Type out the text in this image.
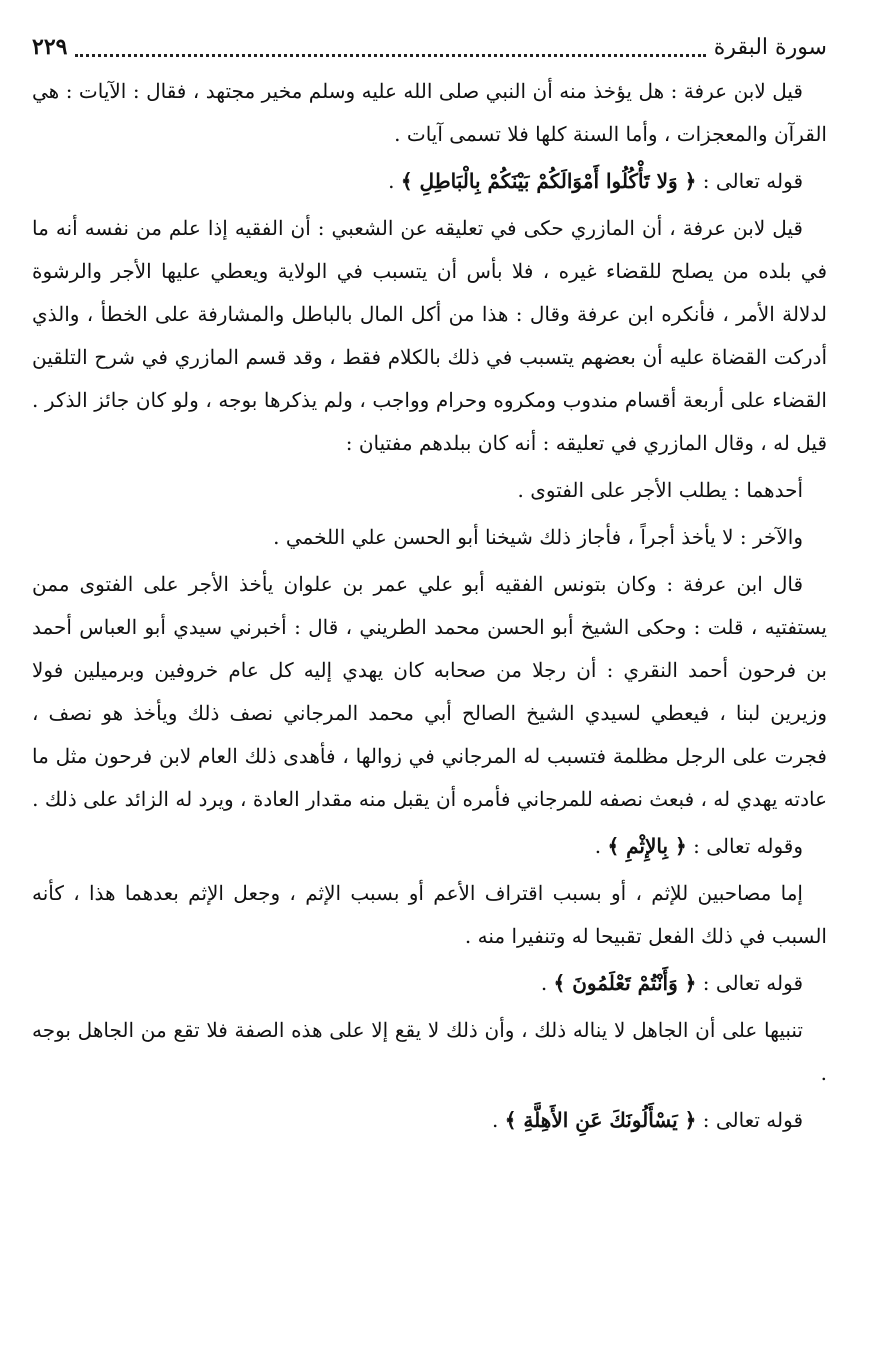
سورة البقرة
٢٢٩

قيل لابن عرفة : هل يؤخذ منه أن النبي صلى الله عليه وسلم مخير مجتهد ، فقال : الآيات : هي القرآن والمعجزات ، وأما السنة كلها فلا تسمى آيات .

قوله تعالى : ﴿ وَلا تَأْكُلُوا أَمْوَالَكُمْ بَيْنَكُمْ بِالْبَاطِلِ ﴾ .

قيل لابن عرفة ، أن المازري حكى في تعليقه عن الشعبي : أن الفقيه إذا علم من نفسه أنه ما في بلده من يصلح للقضاء غيره ، فلا بأس أن يتسبب في الولاية ويعطي عليها الأجر والرشوة لدلالة الأمر ، فأنكره ابن عرفة وقال : هذا من أكل المال بالباطل والمشارفة على الخطأ ، والذي أدركت القضاة عليه أن بعضهم يتسبب في ذلك بالكلام فقط ، وقد قسم المازري في شرح التلقين القضاء على أربعة أقسام مندوب ومكروه وحرام وواجب ، ولم يذكرها بوجه ، ولو كان جائز الذكر . قيل له ، وقال المازري في تعليقه : أنه كان ببلدهم مفتيان :

أحدهما : يطلب الأجر على الفتوى .

والآخر : لا يأخذ أجراً ، فأجاز ذلك شيخنا أبو الحسن علي اللخمي .

قال ابن عرفة : وكان بتونس الفقيه أبو علي عمر بن علوان يأخذ الأجر على الفتوى ممن يستفتيه ، قلت : وحكى الشيخ أبو الحسن محمد الطريني ، قال : أخبرني سيدي أبو العباس أحمد بن فرحون أحمد النقري : أن رجلا من صحابه كان يهدي إليه كل عام خروفين وبرميلين فولا وزيرين لبنا ، فيعطي لسيدي الشيخ الصالح أبي محمد المرجاني نصف ذلك ويأخذ هو نصف ، فجرت على الرجل مظلمة فتسبب له المرجاني في زوالها ، فأهدى ذلك العام لابن فرحون مثل ما عادته يهدي له ، فبعث نصفه للمرجاني فأمره أن يقبل منه مقدار العادة ، ويرد له الزائد على ذلك .

وقوله تعالى : ﴿ بِالإِثْمِ ﴾ .

إما مصاحبين للإثم ، أو بسبب اقتراف الأعم أو بسبب الإثم ، وجعل الإثم بعدهما هذا ، كأنه السبب في ذلك الفعل تقبيحا له وتنفيرا منه .

قوله تعالى : ﴿ وَأَنْتُمْ تَعْلَمُونَ ﴾ .

تنبيها على أن الجاهل لا يناله ذلك ، وأن ذلك لا يقع إلا على هذه الصفة فلا تقع من الجاهل بوجه .

قوله تعالى : ﴿ يَسْأَلُونَكَ عَنِ الأَهِلَّةِ ﴾ .
